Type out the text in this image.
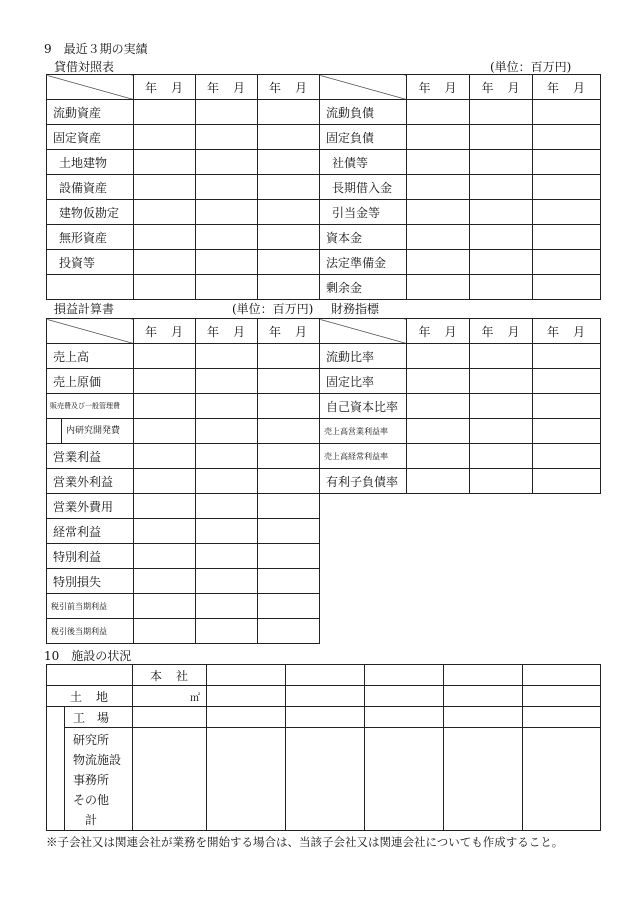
9　最近３期の実績
貸借対照表	(単位：百万円)
	年　月	年　月	年　月
流動資産			
固定資産			
土地建物			
設備資産			
建物仮勘定			
無形資産			
投資等			

	年　月	年　月	年　月
流動負債			
固定負債			
社債等			
長期借入金			
引当金等			
資本金			
法定準備金			
剰余金			
損益計算書	(単位：百万円) 財務指標
	年　月	年　月	年　月
売上高			
売上原価			
販売費及び一般管理費			

内研究開発費			

営業利益			
営業外利益			
営業外費用			
経常利益			
特別利益			
特別損失			
税引前当期利益			
税引後当期利益			
	年　月	年　月	年　月
流動比率			
固定比率			
自己資本比率			
売上高営業利益率			
売上高経常利益率			
有利子負債率			
10　施設の状況
		本　社					
土　地		㎡					
	工　場						

	研究所
物流施設
事務所
その他
　計						

※子会社又は関連会社が業務を開始する場合は、当該子会社又は関連会社についても作成すること。
